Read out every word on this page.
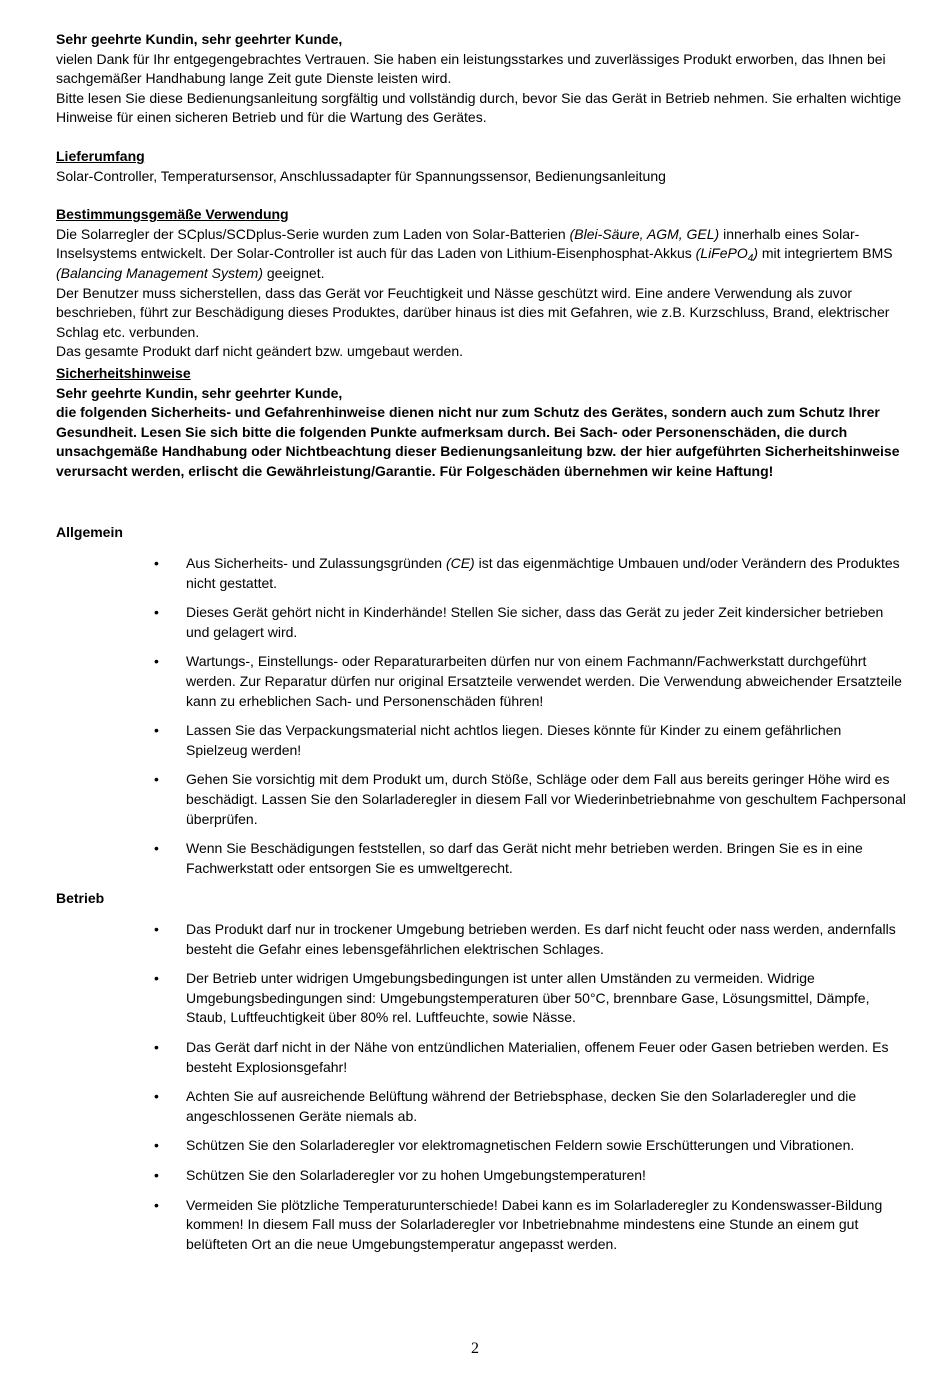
Sehr geehrte Kundin, sehr geehrter Kunde,

vielen Dank für Ihr entgegengebrachtes Vertrauen. Sie haben ein leistungsstarkes und zuverlässiges Produkt erworben, das Ihnen bei sachgemäßer Handhabung lange Zeit gute Dienste leisten wird.

Bitte lesen Sie diese Bedienungsanleitung sorgfältig und vollständig durch, bevor Sie das Gerät in Betrieb nehmen. Sie erhalten wichtige Hinweise für einen sicheren Betrieb und für die Wartung des Gerätes.

Lieferumfang

Solar-Controller, Temperatursensor, Anschlussadapter für Spannungssensor, Bedienungsanleitung

Bestimmungsgemäße Verwendung

Die Solarregler der SCplus/SCDplus-Serie wurden zum Laden von Solar-Batterien (Blei-Säure, AGM, GEL) innerhalb eines Solar-Inselsystems entwickelt. Der Solar-Controller ist auch für das Laden von Lithium-Eisenphosphat-Akkus (LiFePO$_4$) mit integriertem BMS (Balancing Management System) geeignet.

Der Benutzer muss sicherstellen, dass das Gerät vor Feuchtigkeit und Nässe geschützt wird. Eine andere Verwendung als zuvor beschrieben, führt zur Beschädigung dieses Produktes, darüber hinaus ist dies mit Gefahren, wie z.B. Kurzschluss, Brand, elektrischer Schlag etc. verbunden.

Das gesamte Produkt darf nicht geändert bzw. umgebaut werden.

Sicherheitshinweise

Sehr geehrte Kundin, sehr geehrter Kunde,

die folgenden Sicherheits- und Gefahrenhinweise dienen nicht nur zum Schutz des Gerätes, sondern auch zum Schutz Ihrer Gesundheit. Lesen Sie sich bitte die folgenden Punkte aufmerksam durch. Bei Sach- oder Personenschäden, die durch unsachgemäße Handhabung oder Nichtbeachtung dieser Bedienungsanleitung bzw. der hier aufgeführten Sicherheitshinweise verursacht werden, erlischt die Gewährleistung/Garantie. Für Folgeschäden übernehmen wir keine Haftung!

Allgemein

• Aus Sicherheits- und Zulassungsgründen (CE) ist das eigenmächtige Umbauen und/oder Verändern des Produktes nicht gestattet.
• Dieses Gerät gehört nicht in Kinderhände! Stellen Sie sicher, dass das Gerät zu jeder Zeit kindersicher betrieben und gelagert wird.
• Wartungs-, Einstellungs- oder Reparaturarbeiten dürfen nur von einem Fachmann/Fachwerkstatt durchgeführt werden. Zur Reparatur dürfen nur original Ersatzteile verwendet werden. Die Verwendung abweichender Ersatzteile kann zu erheblichen Sach- und Personenschäden führen!
• Lassen Sie das Verpackungsmaterial nicht achtlos liegen. Dieses könnte für Kinder zu einem gefährlichen Spielzeug werden!
• Gehen Sie vorsichtig mit dem Produkt um, durch Stöße, Schläge oder dem Fall aus bereits geringer Höhe wird es beschädigt. Lassen Sie den Solarladeregler in diesem Fall vor Wiederinbetriebnahme von geschultem Fachpersonal überprüfen.
• Wenn Sie Beschädigungen feststellen, so darf das Gerät nicht mehr betrieben werden. Bringen Sie es in eine Fachwerkstatt oder entsorgen Sie es umweltgerecht.

Betrieb

• Das Produkt darf nur in trockener Umgebung betrieben werden. Es darf nicht feucht oder nass werden, andernfalls besteht die Gefahr eines lebensgefährlichen elektrischen Schlages.
• Der Betrieb unter widrigen Umgebungsbedingungen ist unter allen Umständen zu vermeiden. Widrige Umgebungsbedingungen sind: Umgebungstemperaturen über 50°C, brennbare Gase, Lösungsmittel, Dämpfe, Staub, Luftfeuchtigkeit über 80% rel. Luftfeuchte, sowie Nässe.
• Das Gerät darf nicht in der Nähe von entzündlichen Materialien, offenem Feuer oder Gasen betrieben werden. Es besteht Explosionsgefahr!
• Achten Sie auf ausreichende Belüftung während der Betriebsphase, decken Sie den Solarladeregler und die angeschlossenen Geräte niemals ab.
• Schützen Sie den Solarladeregler vor elektromagnetischen Feldern sowie Erschütterungen und Vibrationen.
• Schützen Sie den Solarladeregler vor zu hohen Umgebungstemperaturen!
• Vermeiden Sie plötzliche Temperaturunterschiede! Dabei kann es im Solarladeregler zu Kondenswasser-Bildung kommen! In diesem Fall muss der Solarladeregler vor Inbetriebnahme mindestens eine Stunde an einem gut belüfteten Ort an die neue Umgebungstemperatur angepasst werden.
2
